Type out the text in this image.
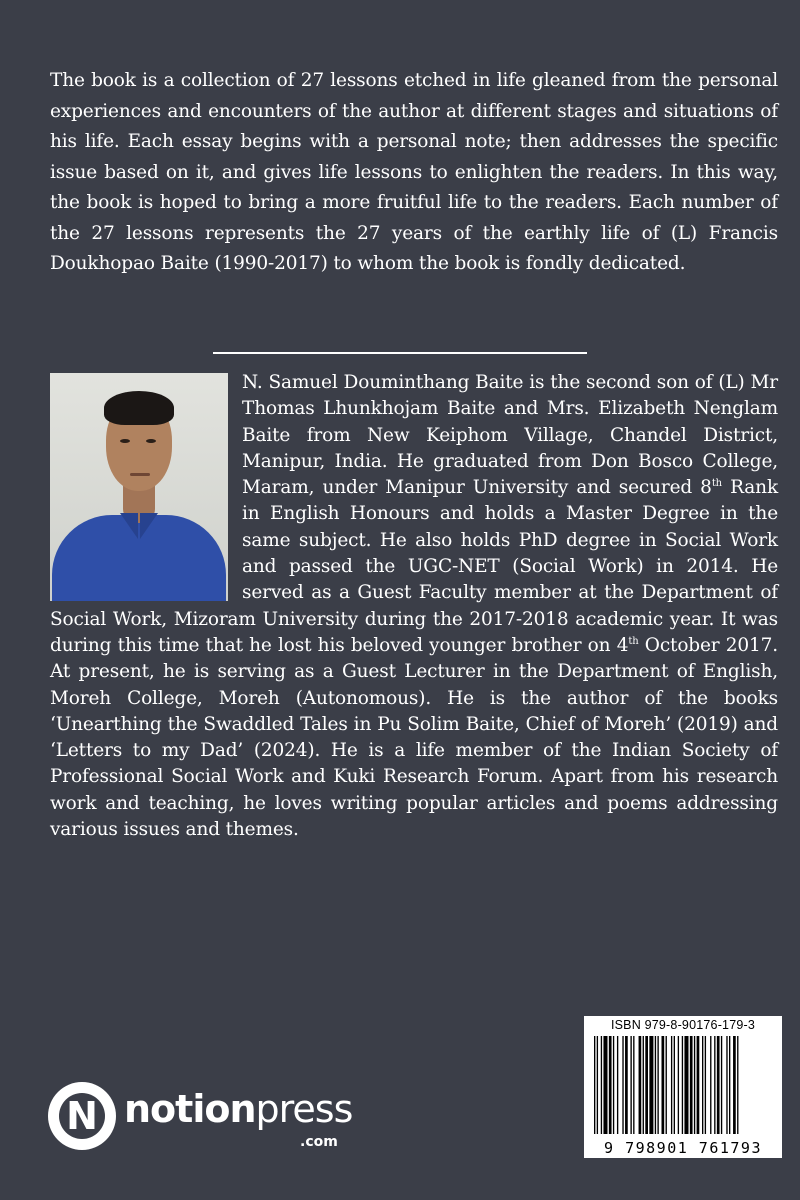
The book is a collection of 27 lessons etched in life gleaned from the personal experiences and encounters of the author at different stages and situations of his life. Each essay begins with a personal note; then addresses the specific issue based on it, and gives life lessons to enlighten the readers. In this way, the book is hoped to bring a more fruitful life to the readers. Each number of the 27 lessons represents the 27 years of the earthly life of (L) Francis Doukhopao Baite (1990-2017) to whom the book is fondly dedicated.

N. Samuel Douminthang Baite is the second son of (L) Mr Thomas Lhunkhojam Baite and Mrs. Elizabeth Nenglam Baite from New Keiphom Village, Chandel District, Manipur, India. He graduated from Don Bosco College, Maram, under Manipur University and secured 8th Rank in English Honours and holds a Master Degree in the same subject. He also holds PhD degree in Social Work and passed the UGC-NET (Social Work) in 2014. He served as a Guest Faculty member at the Department of Social Work, Mizoram University during the 2017-2018 academic year. It was during this time that he lost his beloved younger brother on 4th October 2017. At present, he is serving as a Guest Lecturer in the Department of English, Moreh College, Moreh (Autonomous). He is the author of the books ‘Unearthing the Swaddled Tales in Pu Solim Baite, Chief of Moreh’ (2019) and ‘Letters to my Dad’ (2024). He is a life member of the Indian Society of Professional Social Work and Kuki Research Forum. Apart from his research work and teaching, he loves writing popular articles and poems addressing various issues and themes.

ISBN 979-8-90176-179-3
9 798901 761793
N notionpress
.com
